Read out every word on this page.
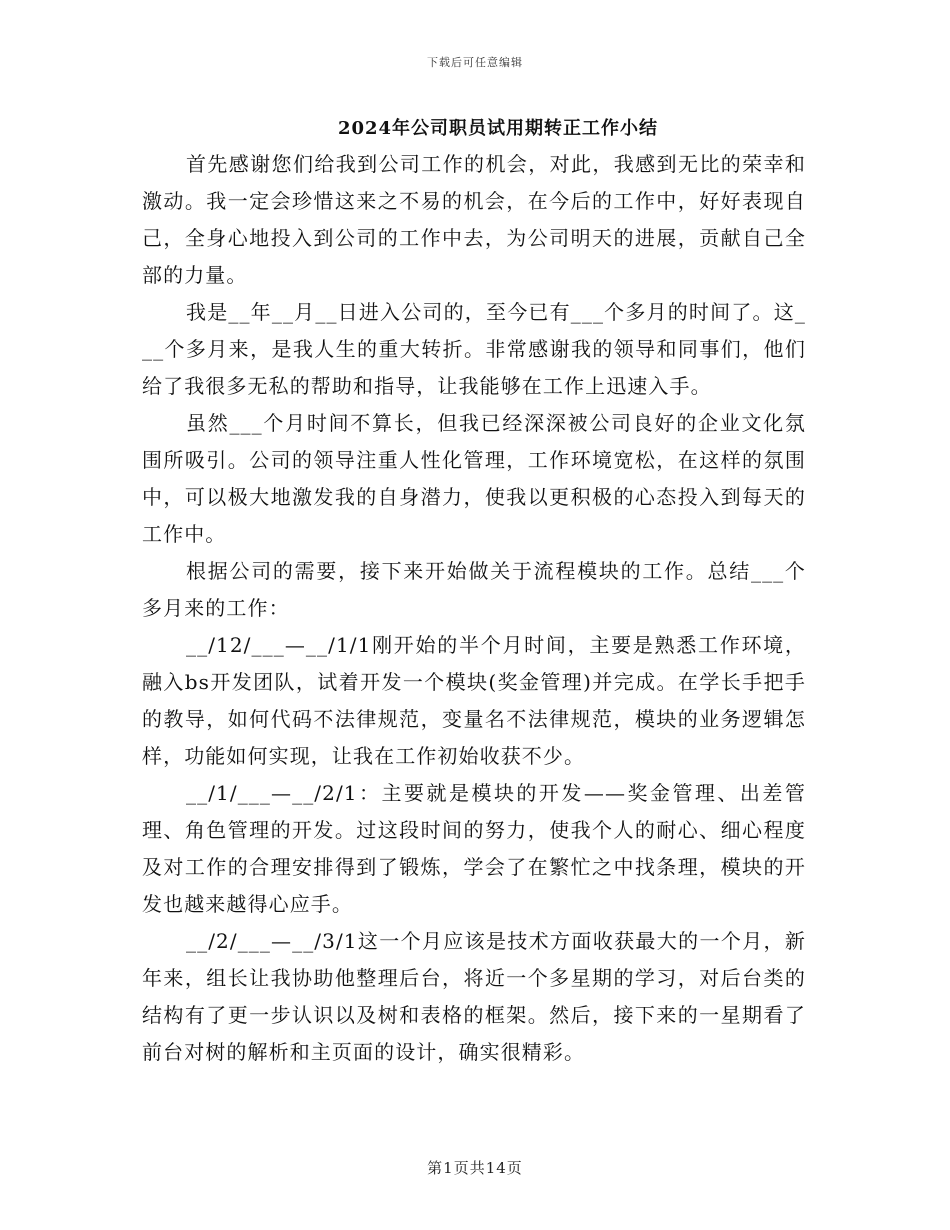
下载后可任意编辑
2024年公司职员试用期转正工作小结

首先感谢您们给我到公司工作的机会，对此，我感到无比的荣幸和激动。我一定会珍惜这来之不易的机会，在今后的工作中，好好表现自己，全身心地投入到公司的工作中去，为公司明天的进展，贡献自己全部的力量。

我是__年__月__日进入公司的，至今已有___个多月的时间了。这___个多月来，是我人生的重大转折。非常感谢我的领导和同事们，他们给了我很多无私的帮助和指导，让我能够在工作上迅速入手。

虽然___个月时间不算长，但我已经深深被公司良好的企业文化氛围所吸引。公司的领导注重人性化管理，工作环境宽松，在这样的氛围中，可以极大地激发我的自身潜力，使我以更积极的心态投入到每天的工作中。

根据公司的需要，接下来开始做关于流程模块的工作。总结___个多月来的工作：

__/12/___—__/1/1刚开始的半个月时间，主要是熟悉工作环境，融入bs开发团队，试着开发一个模块(奖金管理)并完成。在学长手把手的教导，如何代码不法律规范，变量名不法律规范，模块的业务逻辑怎样，功能如何实现，让我在工作初始收获不少。

__/1/___—__/2/1：主要就是模块的开发——奖金管理、出差管理、角色管理的开发。过这段时间的努力，使我个人的耐心、细心程度及对工作的合理安排得到了锻炼，学会了在繁忙之中找条理，模块的开发也越来越得心应手。

__/2/___—__/3/1这一个月应该是技术方面收获最大的一个月，新年来，组长让我协助他整理后台，将近一个多星期的学习，对后台类的结构有了更一步认识以及树和表格的框架。然后，接下来的一星期看了前台对树的解析和主页面的设计，确实很精彩。

第1页共14页
